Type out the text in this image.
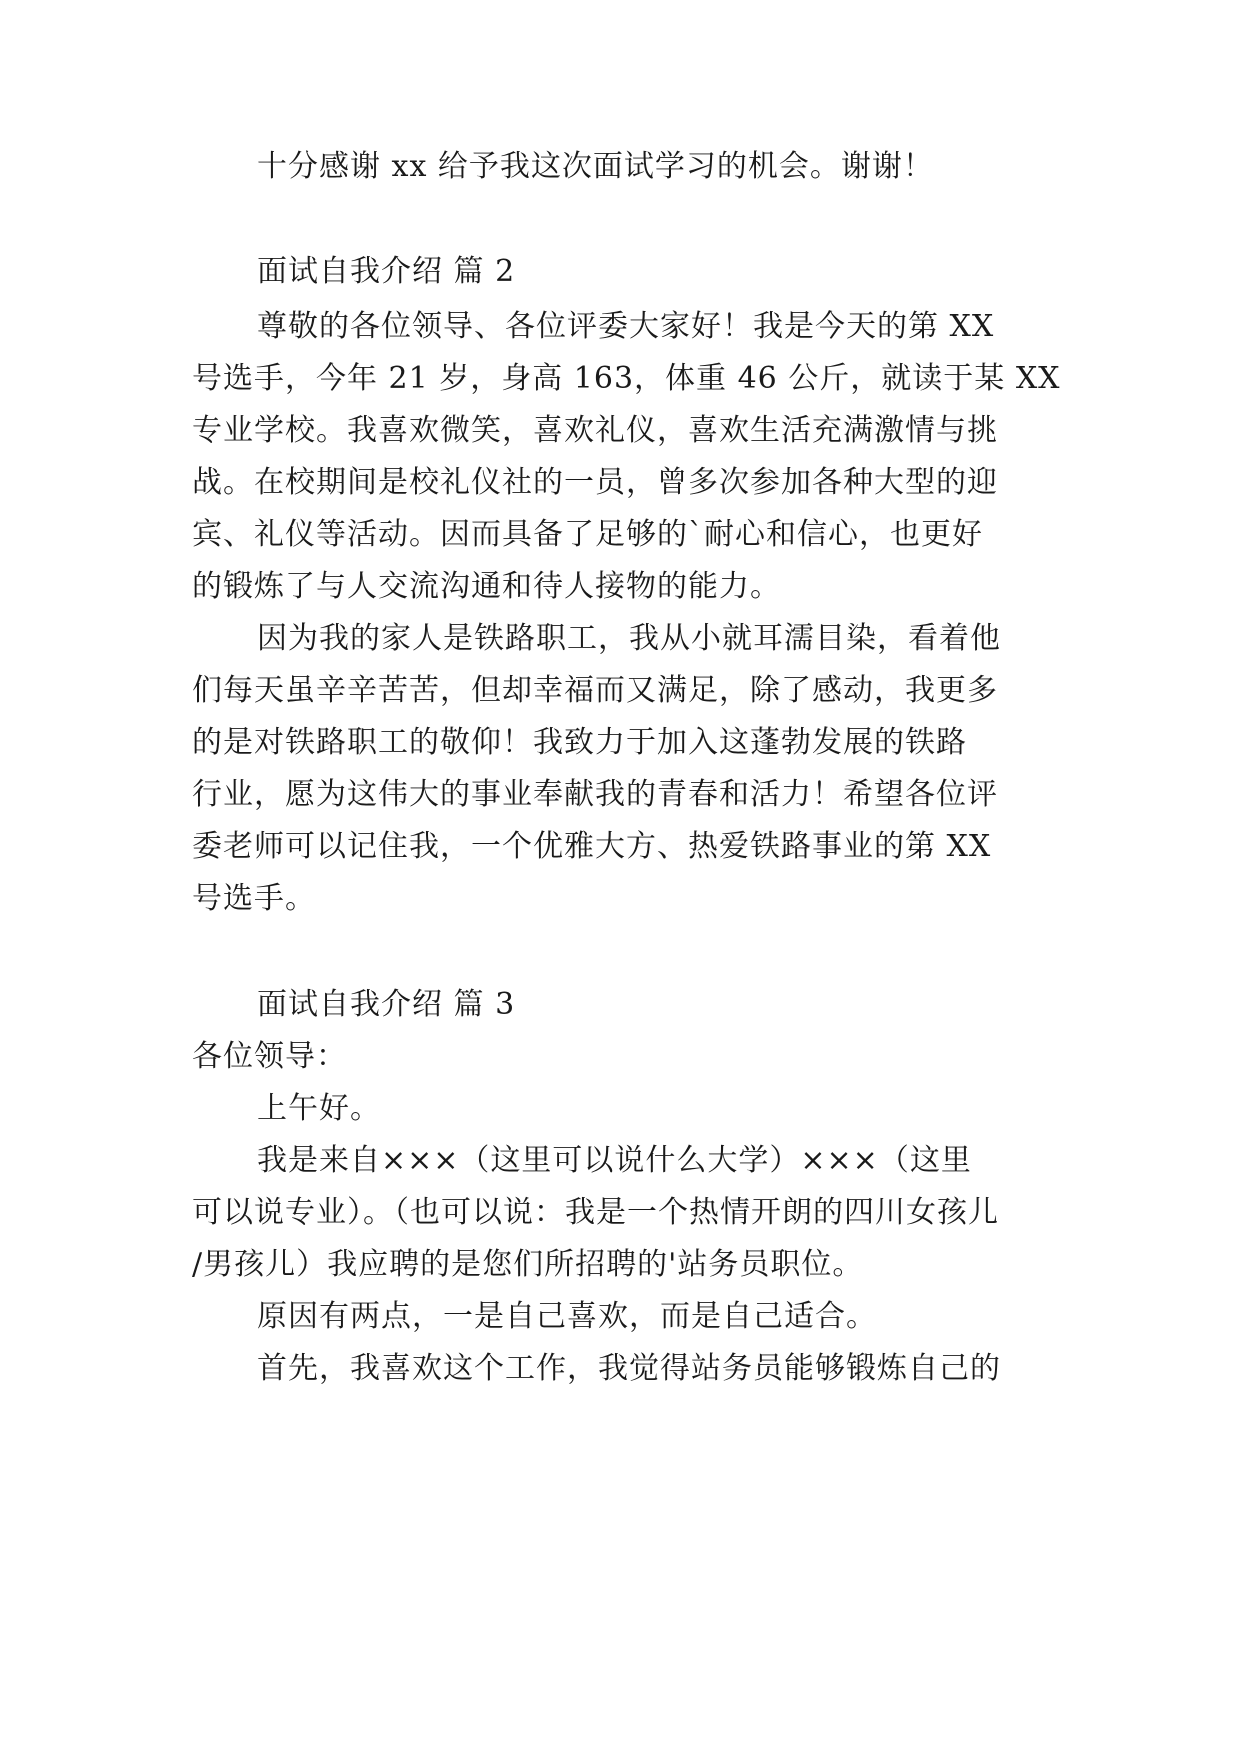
十分感谢 xx 给予我这次面试学习的机会。谢谢！
面试自我介绍 篇 2
尊敬的各位领导、各位评委大家好！我是今天的第 XX
号选手，今年 21 岁，身高 163，体重 46 公斤，就读于某 XX
专业学校。我喜欢微笑，喜欢礼仪，喜欢生活充满激情与挑
战。在校期间是校礼仪社的一员，曾多次参加各种大型的迎
宾、礼仪等活动。因而具备了足够的`耐心和信心，也更好
的锻炼了与人交流沟通和待人接物的能力。
因为我的家人是铁路职工，我从小就耳濡目染，看着他
们每天虽辛辛苦苦，但却幸福而又满足，除了感动，我更多
的是对铁路职工的敬仰！我致力于加入这蓬勃发展的铁路
行业，愿为这伟大的事业奉献我的青春和活力！希望各位评
委老师可以记住我，一个优雅大方、热爱铁路事业的第 XX
号选手。
面试自我介绍 篇 3
各位领导：
上午好。
我是来自×××（这里可以说什么大学）×××（这里
可以说专业）。（也可以说：我是一个热情开朗的四川女孩儿
/男孩儿）我应聘的是您们所招聘的'站务员职位。
原因有两点，一是自己喜欢，而是自己适合。
首先，我喜欢这个工作，我觉得站务员能够锻炼自己的
